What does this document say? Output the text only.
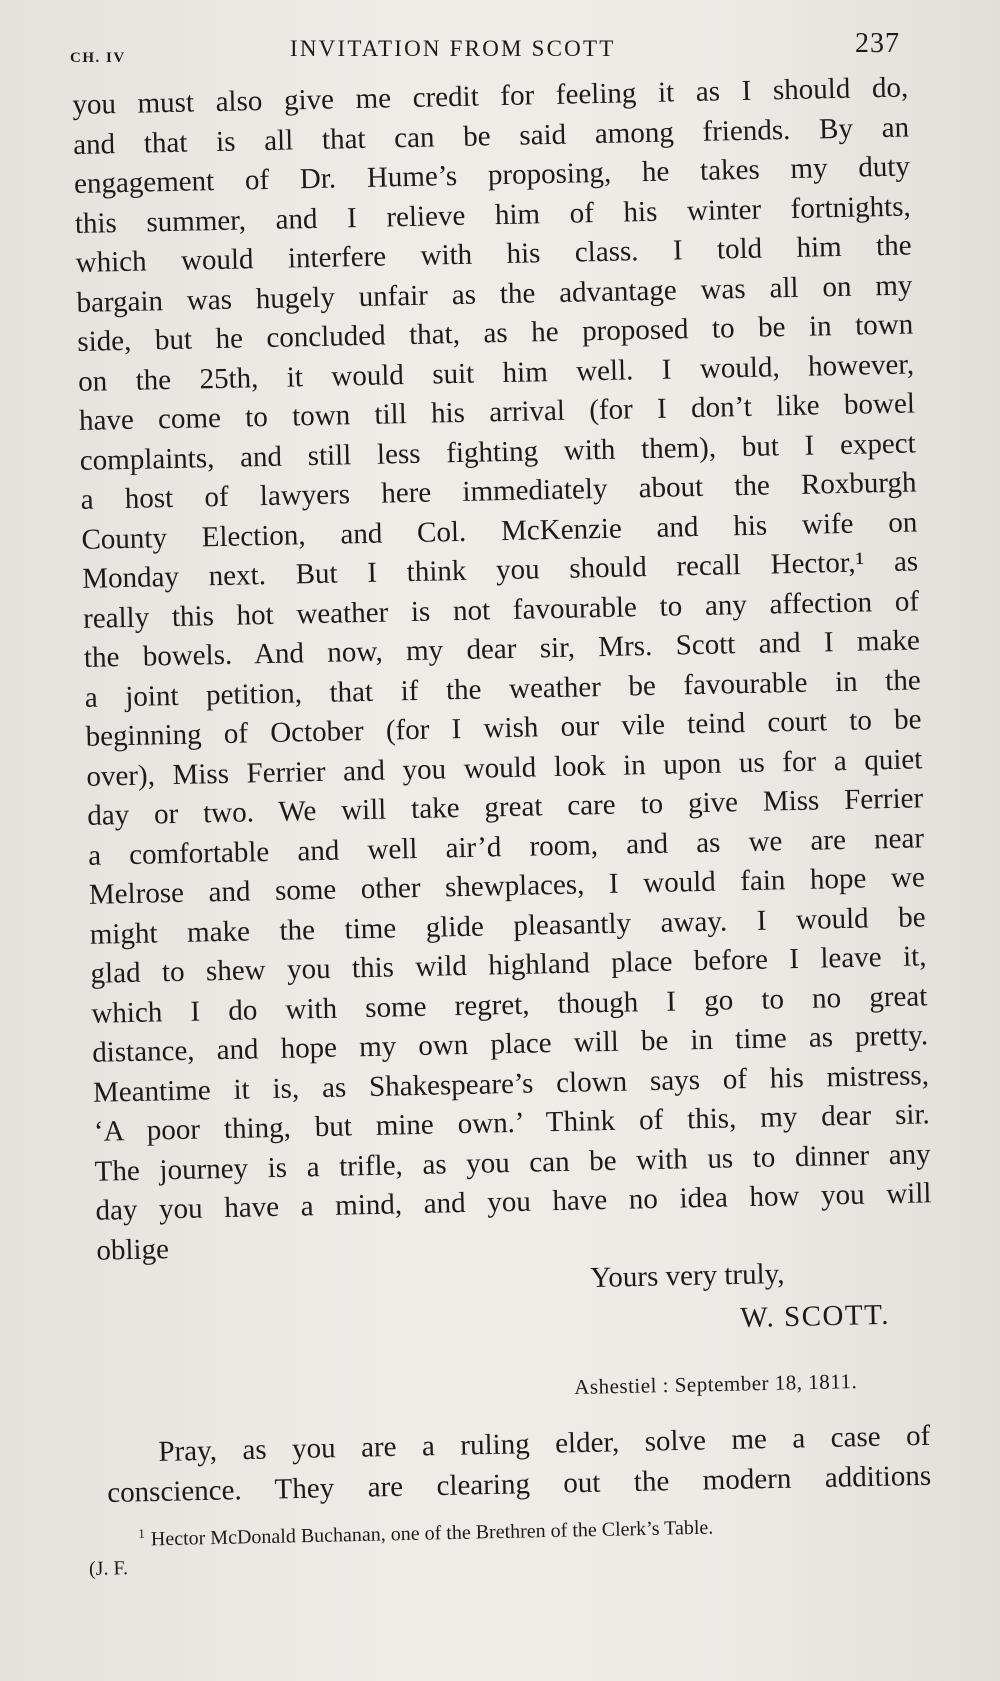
CH. IV	INVITATION FROM SCOTT	237
you must also give me credit for feeling it as I should do,
and that is all that can be said among friends. By an
engagement of Dr. Hume’s proposing, he takes my duty
this summer, and I relieve him of his winter fortnights,
which would interfere with his class. I told him the
bargain was hugely unfair as the advantage was all on my
side, but he concluded that, as he proposed to be in town
on the 25th, it would suit him well. I would, however,
have come to town till his arrival (for I don’t like bowel
complaints, and still less fighting with them), but I expect
a host of lawyers here immediately about the Roxburgh
County Election, and Col. McKenzie and his wife on
Monday next. But I think you should recall Hector,¹ as
really this hot weather is not favourable to any affection of
the bowels. And now, my dear sir, Mrs. Scott and I make
a joint petition, that if the weather be favourable in the
beginning of October (for I wish our vile teind court to be
over), Miss Ferrier and you would look in upon us for a quiet
day or two. We will take great care to give Miss Ferrier
a comfortable and well air’d room, and as we are near
Melrose and some other shewplaces, I would fain hope we
might make the time glide pleasantly away. I would be
glad to shew you this wild highland place before I leave it,
which I do with some regret, though I go to no great
distance, and hope my own place will be in time as pretty.
Meantime it is, as Shakespeare’s clown says of his mistress,
‘A poor thing, but mine own.’ Think of this, my dear sir.
The journey is a trifle, as you can be with us to dinner any
day you have a mind, and you have no idea how you will
oblige
Yours very truly,
W. SCOTT.
Ashestiel : September 18, 1811.
Pray, as you are a ruling elder, solve me a case of
conscience. They are clearing out the modern additions
$^1$ Hector McDonald Buchanan, one of the Brethren of the Clerk’s Table.
(J. F.
